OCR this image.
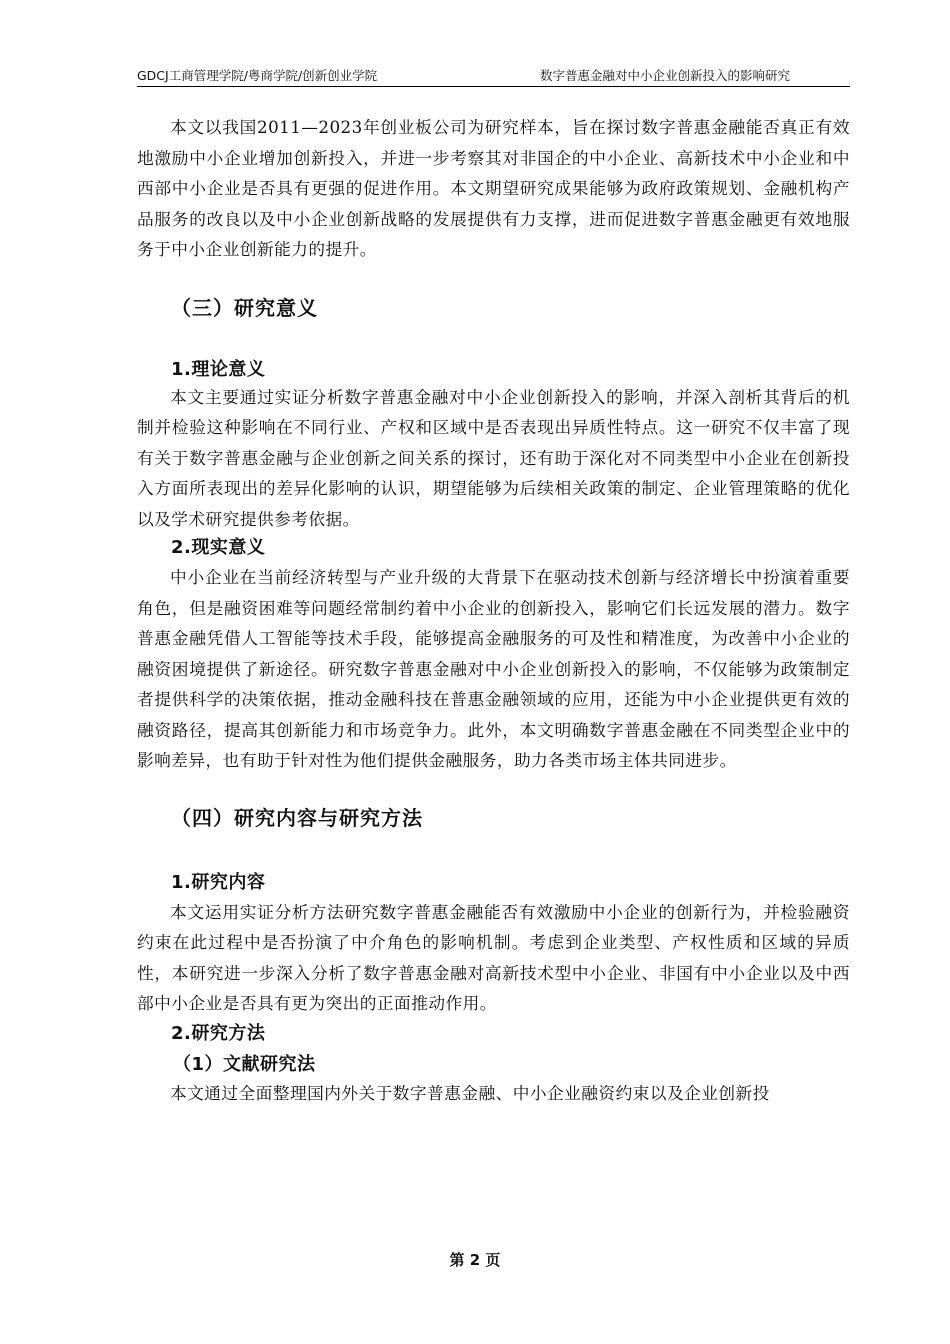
GDCJ工商管理学院/粤商学院/创新创业学院	数字普惠金融对中小企业创新投入的影响研究

本文以我国2011—2023年创业板公司为研究样本，旨在探讨数字普惠金融能否真正有效地激励中小企业增加创新投入，并进一步考察其对非国企的中小企业、高新技术中小企业和中西部中小企业是否具有更强的促进作用。本文期望研究成果能够为政府政策规划、金融机构产品服务的改良以及中小企业创新战略的发展提供有力支撑，进而促进数字普惠金融更有效地服务于中小企业创新能力的提升。

（三）研究意义
1.理论意义

本文主要通过实证分析数字普惠金融对中小企业创新投入的影响，并深入剖析其背后的机制并检验这种影响在不同行业、产权和区域中是否表现出异质性特点。这一研究不仅丰富了现有关于数字普惠金融与企业创新之间关系的探讨，还有助于深化对不同类型中小企业在创新投入方面所表现出的差异化影响的认识，期望能够为后续相关政策的制定、企业管理策略的优化以及学术研究提供参考依据。

2.现实意义

中小企业在当前经济转型与产业升级的大背景下在驱动技术创新与经济增长中扮演着重要角色，但是融资困难等问题经常制约着中小企业的创新投入，影响它们长远发展的潜力。数字普惠金融凭借人工智能等技术手段，能够提高金融服务的可及性和精准度，为改善中小企业的融资困境提供了新途径。研究数字普惠金融对中小企业创新投入的影响，不仅能够为政策制定者提供科学的决策依据，推动金融科技在普惠金融领域的应用，还能为中小企业提供更有效的融资路径，提高其创新能力和市场竞争力。此外，本文明确数字普惠金融在不同类型企业中的影响差异，也有助于针对性为他们提供金融服务，助力各类市场主体共同进步。

（四）研究内容与研究方法
1.研究内容

本文运用实证分析方法研究数字普惠金融能否有效激励中小企业的创新行为，并检验融资约束在此过程中是否扮演了中介角色的影响机制。考虑到企业类型、产权性质和区域的异质性，本研究进一步深入分析了数字普惠金融对高新技术型中小企业、非国有中小企业以及中西部中小企业是否具有更为突出的正面推动作用。

2.研究方法
（1）文献研究法

本文通过全面整理国内外关于数字普惠金融、中小企业融资约束以及企业创新投

第 2 页
